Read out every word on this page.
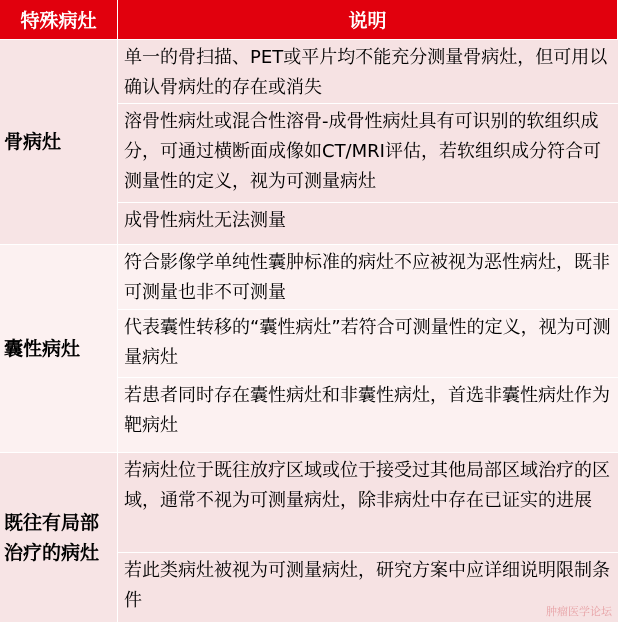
特殊病灶	说明
骨病灶
单一的骨扫描、PET或平片均不能充分测量骨病灶，但可用以确认骨病灶的存在或消失
溶骨性病灶或混合性溶骨-成骨性病灶具有可识别的软组织成分，可通过横断面成像如CT/MRI评估，若软组织成分符合可测量性的定义，视为可测量病灶
成骨性病灶无法测量
囊性病灶
符合影像学单纯性囊肿标准的病灶不应被视为恶性病灶，既非可测量也非不可测量
代表囊性转移的“囊性病灶”若符合可测量性的定义，视为可测量病灶
若患者同时存在囊性病灶和非囊性病灶，首选非囊性病灶作为靶病灶
既往有局部治疗的病灶
若病灶位于既往放疗区域或位于接受过其他局部区域治疗的区域，通常不视为可测量病灶，除非病灶中存在已证实的进展
若此类病灶被视为可测量病灶，研究方案中应详细说明限制条件
肿瘤医学论坛
